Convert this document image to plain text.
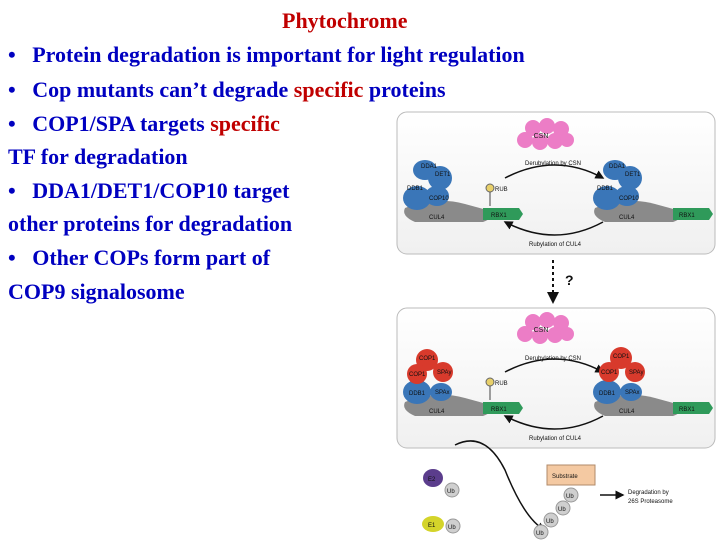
Phytochrome
• Protein degradation is important for light regulation
• Cop mutants can’t degrade specific proteins
• COP1/SPA targets specific
TF for degradation
• DDA1/DET1/COP10 target
other proteins for degradation
• Other COPs form part of
COP9 signalosome
CSN
Derubylation by CSN
Rubylation of CUL4
DDA1
DET1
DDB1
COP10
CUL4
RUB
RBX1
DDA1
DET1
DDB1
COP10
CUL4	RBX1
?
CSN
Derubylation by CSN
Rubylation of CUL4
COP1
COP1 SPAy
DDB1 SPAx
CUL4
RUB
RBX1
COP1
COP1 SPAy
DDB1 SPAx
CUL4	RBX1
E2
Ub
E1 Ub
Substrate
Ub
Ub
Ub
Ub
Degradation by
26S Proteasome
